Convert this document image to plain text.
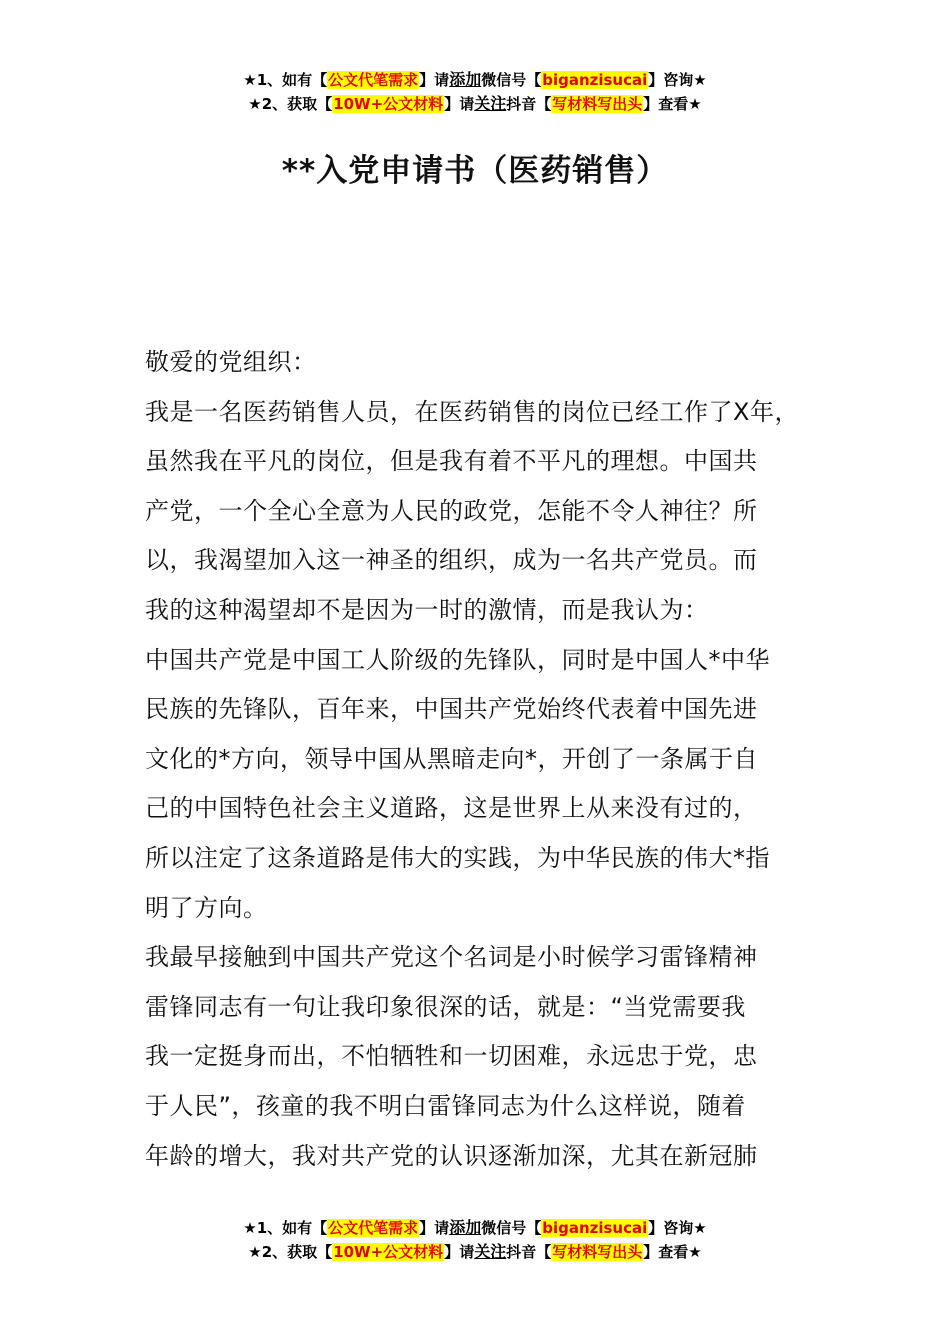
★1、如有【公文代笔需求】请添加微信号【biganzisucai】咨询★
★2、获取【10W+公文材料】请关注抖音【写材料写出头】查看★
**入党申请书（医药销售）
敬爱的党组织：
我是一名医药销售人员，在医药销售的岗位已经工作了X年，
虽然我在平凡的岗位，但是我有着不平凡的理想。中国共
产党，一个全心全意为人民的政党，怎能不令人神往？所
以，我渴望加入这一神圣的组织，成为一名共产党员。而
我的这种渴望却不是因为一时的激情，而是我认为：
中国共产党是中国工人阶级的先锋队，同时是中国人*中华
民族的先锋队，百年来，中国共产党始终代表着中国先进
文化的*方向，领导中国从黑暗走向*，开创了一条属于自
己的中国特色社会主义道路，这是世界上从来没有过的，
所以注定了这条道路是伟大的实践，为中华民族的伟大*指
明了方向。
我最早接触到中国共产党这个名词是小时候学习雷锋精神
雷锋同志有一句让我印象很深的话，就是：“当党需要我
我一定挺身而出，不怕牺牲和一切困难，永远忠于党，忠
于人民”，孩童的我不明白雷锋同志为什么这样说，随着
年龄的增大，我对共产党的认识逐渐加深，尤其在新冠肺
★1、如有【公文代笔需求】请添加微信号【biganzisucai】咨询★
★2、获取【10W+公文材料】请关注抖音【写材料写出头】查看★
